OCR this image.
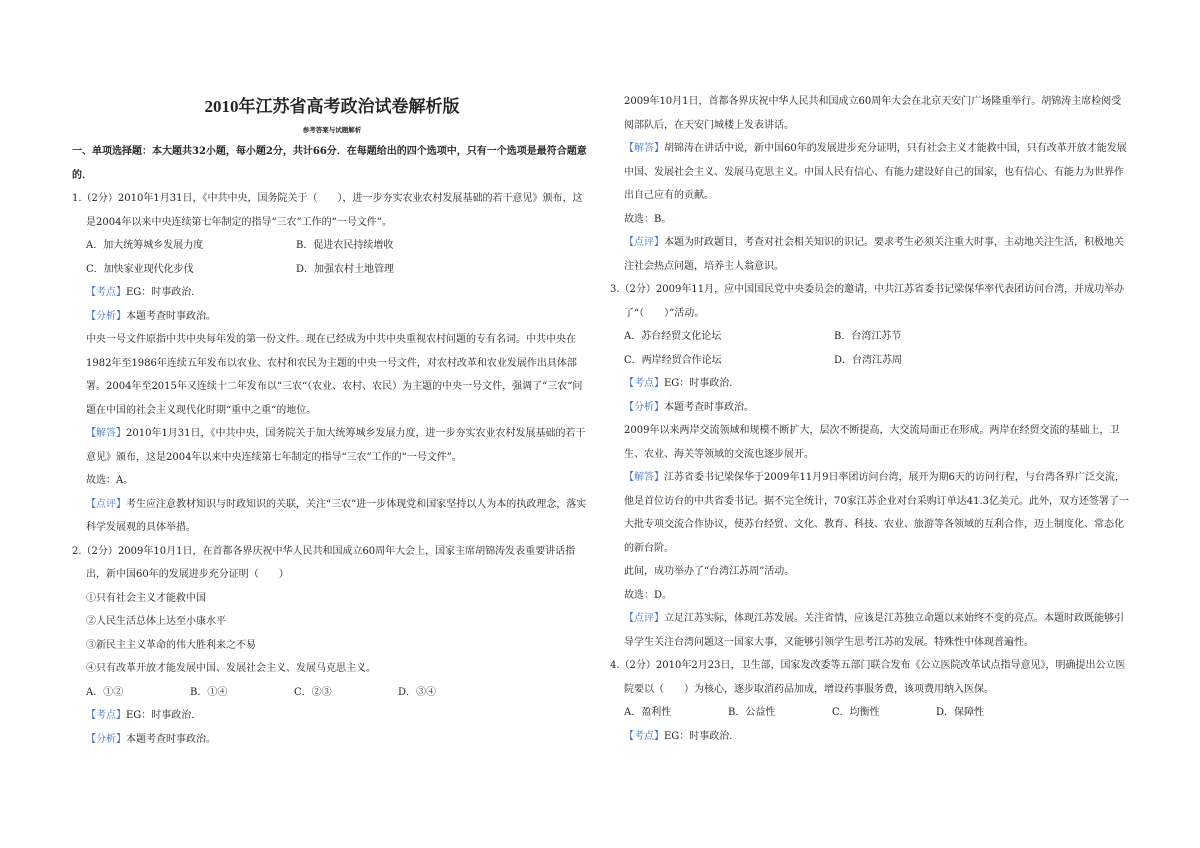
2010年江苏省高考政治试卷解析版
参考答案与试题解析
一、单项选择题：本大题共32小题，每小题2分，共计66分．在每题给出的四个选项中，只有一个选项是最符合题意的．

1.（2分）2010年1月31日，《中共中央，国务院关于（　　），进一步夯实农业农村发展基础的若干意见》颁布，这是2004年以来中央连续第七年制定的指导“三农”工作的“一号文件”。

A．加大统筹城乡发展力度	B．促进农民持续增收
C．加快家业现代化步伐	D．加强农村土地管理

【考点】EG：时事政治．

【分析】本题考查时事政治。

中央一号文件原指中共中央每年发的第一份文件。现在已经成为中共中央重视农村问题的专有名词。中共中央在1982年至1986年连续五年发布以农业、农村和农民为主题的中央一号文件，对农村改革和农业发展作出具体部署。2004年至2015年又连续十二年发布以“三农“（农业、农村、农民）为主题的中央一号文件，强调了“三农“问题在中国的社会主义现代化时期“重中之重“的地位。

【解答】2010年1月31日，《中共中央，国务院关于加大统筹城乡发展力度，进一步夯实农业农村发展基础的若干意见》颁布，这是2004年以来中央连续第七年制定的指导“三农”工作的“一号文件”。

故选：A。

【点评】考生应注意教材知识与时政知识的关联，关注“三农”进一步体现党和国家坚持以人为本的执政理念，落实科学发展观的具体举措。

2.（2分）2009年10月1日，在首都各界庆祝中华人民共和国成立60周年大会上，国家主席胡锦涛发表重要讲话指出，新中国60年的发展进步充分证明（　　）

①只有社会主义才能救中国

②人民生活总体上达至小康水平

③新民主主义革命的伟大胜利来之不易

④只有改革开放才能发展中国、发展社会主义、发展马克思主义。

A．①②	B．①④	C．②③	D．③④

【考点】EG：时事政治．

【分析】本题考查时事政治。

2009年10月1日，首都各界庆祝中华人民共和国成立60周年大会在北京天安门广场隆重举行。胡锦涛主席检阅受阅部队后，在天安门城楼上发表讲话。

【解答】胡锦涛在讲话中说，新中国60年的发展进步充分证明，只有社会主义才能救中国，只有改革开放才能发展中国、发展社会主义、发展马克思主义。中国人民有信心、有能力建设好自己的国家，也有信心、有能力为世界作出自己应有的贡献。

故选：B。

【点评】本题为时政题目，考查对社会相关知识的识记。要求考生必须关注重大时事，主动地关注生活，积极地关注社会热点问题，培养主人翁意识。

3.（2分）2009年11月，应中国国民党中央委员会的邀请，中共江苏省委书记梁保华率代表团访问台湾，并成功举办了“（　　）”活动。

A．苏台经贸文化论坛	B．台湾江苏节
C．两岸经贸合作论坛	D．台湾江苏周

【考点】EG：时事政治．

【分析】本题考查时事政治。

2009年以来两岸交流领域和规模不断扩大，层次不断提高，大交流局面正在形成。两岸在经贸交流的基础上，卫生、农业、海关等领域的交流也逐步展开。

【解答】江苏省委书记梁保华于2009年11月9日率团访问台湾，展开为期6天的访问行程，与台湾各界广泛交流，他是首位访台的中共省委书记。据不完全统计，70家江苏企业对台采购订单达41.3亿美元。此外，双方还签署了一大批专项交流合作协议，使苏台经贸、文化、教育、科技、农业、旅游等各领域的互利合作，迈上制度化、常态化的新台阶。

此间，成功举办了“台湾江苏周”活动。

故选：D。

【点评】立足江苏实际，体现江苏发展。关注省情，应该是江苏独立命题以来始终不变的亮点。本题时政既能够引导学生关注台湾问题这一国家大事，又能够引领学生思考江苏的发展。特殊性中体现普遍性。

4.（2分）2010年2月23日，卫生部，国家发改委等五部门联合发布《公立医院改革试点指导意见》，明确提出公立医院要以（　　）为核心，逐步取消药品加成，增设药事服务费，该项费用纳入医保。

A．盈利性	B．公益性	C．均衡性	D．保障性

【考点】EG：时事政治．
